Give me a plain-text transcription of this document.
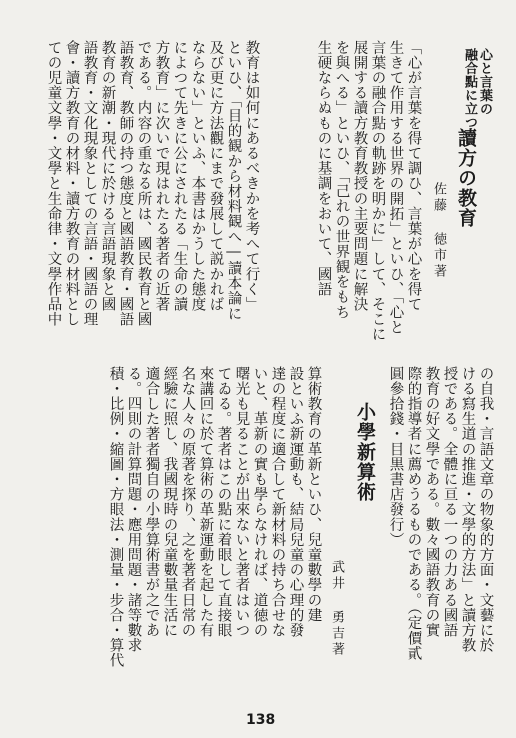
心と言葉の
融合點に立つ
讀方の教育
佐藤 徳市著
「心が言葉を得て調ひ、言葉が心を得て
生きて作用する世界の開拓」といひ、「心と
言葉の融合點の軌跡を明かに」して、そこに
展開する讀方教育教授の主要問題に解決
を與へる」といひ、「己れの世界観をもち
生硬ならぬものに基調をおいて、國語
教育は如何にあるべきかを考へて行く」
といひ、「目的観から材料観へ―讀本論に
及び更に方法觀にまで發展して説かれば
ならない」といふ、本書はかうした態度
によつて先きに公にされたる「生命の讀
方教育」に次いで現はれたる著者の近著
である。内容の重なる所は、國民教育と國
語教育、教師の持つ態度と國語教育・國語
教育の新潮・現代に於ける言語現象と國
語教育・文化現象としての言語・國語の理
會・讀方教育の材料・讀方教育の材料とし
ての児童文學・文學と生命律・文學作品中
の自我・言語文章の物象的方面・文藝に於
ける寫生道の推進・文學的方法」と讀方教
授である。全體に亘る一つの力ある國語
教育の好文學である。數々國語教育の實
際的指導者に薦めうるものである。（定價貳
圓參拾錢・目黒書店發行）
小學新算術
武井 勇吉著
算術教育の革新といひ、兒童數學の建
設といふ新運動も、結局兒童の心理的發
達の程度に適合して新材料の持ち合せな
いと、革新の實も學らなければ、道徳の
曙光も見ることが出來ないと著者はいつ
てゐる。著者はこの點に着眼して直接眼
來講回に於て算術の革新運動を起した有
名な人々の原著を探り、之を著者日常の
經驗に照し、我國現時の兒童數量生活に
適合した著者獨自の小學算術書が之であ
る。四則の計算問題・應用問題・諸等數求
積・比例・縮圖・方眼法・測量・步合・算代
138
